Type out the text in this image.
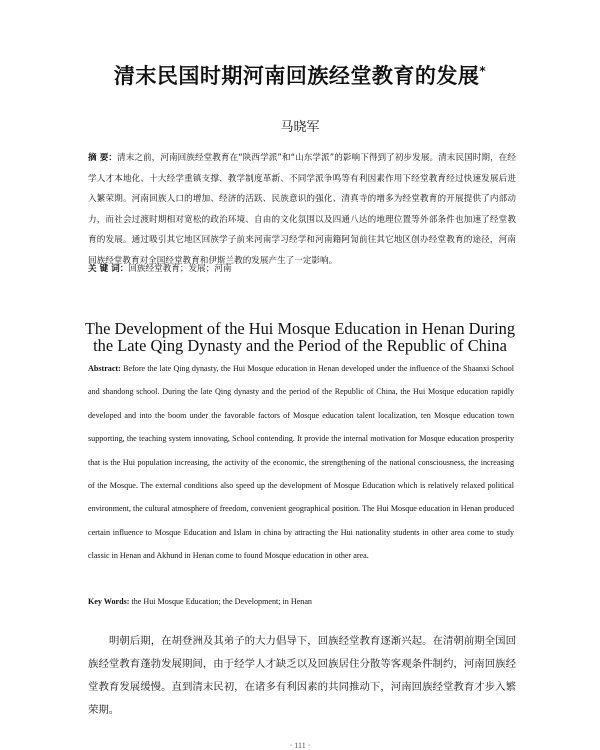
清末民国时期河南回族经堂教育的发展*
马晓军
摘 要：清末之前，河南回族经堂教育在“陕西学派”和“山东学派”的影响下得到了初步发展。清末民国时期，在经学人才本地化、十大经学重镇支撑、教学制度革新、不同学派争鸣等有利因素作用下经堂教育经过快速发展后进入繁荣期。河南回族人口的增加、经济的活跃、民族意识的强化、清真寺的增多为经堂教育的开展提供了内部动力，而社会过渡时期相对宽松的政治环境、自由的文化氛围以及四通八达的地理位置等外部条件也加速了经堂教育的发展。通过吸引其它地区回族学子前来河南学习经学和河南籍阿訇前往其它地区创办经堂教育的途径，河南回族经堂教育对全国经堂教育和伊斯兰教的发展产生了一定影响。
关 键 词：回族经堂教育；发展；河南
The Development of the Hui Mosque Education in Henan During
the Late Qing Dynasty and the Period of the Republic of China
Abstract: Before the late Qing dynasty, the Hui Mosque education in Henan developed under the influence of the Shaanxi School and shandong school. During the late Qing dynasty and the period of the Republic of China, the Hui Mosque education rapidly developed and into the boom under the favorable factors of Mosque education talent localization, ten Mosque education town supporting, the teaching system innovating, School contending. It provide the internal motivation for Mosque education prosperity that is the Hui population increasing, the activity of the economic, the strengthening of the national consciousness, the increasing of the Mosque. The external conditions also speed up the development of Mosque Education which is relatively relaxed political environment, the cultural atmosphere of freedom, convenient geographical position. The Hui Mosque education in Henan produced certain influence to Mosque Education and Islam in china by attracting the Hui nationality students in other area come to study classic in Henan and Akhund in Henan come to found Mosque education in other area.
Key Words: the Hui Mosque Education; the Development; in Henan
明朝后期，在胡登洲及其弟子的大力倡导下，回族经堂教育逐渐兴起。在清朝前期全国回族经堂教育蓬勃发展期间，由于经学人才缺乏以及回族居住分散等客观条件制约，河南回族经堂教育发展缓慢。直到清末民初，在诸多有利因素的共同推动下，河南回族经堂教育才步入繁荣期。
· 111 ·
